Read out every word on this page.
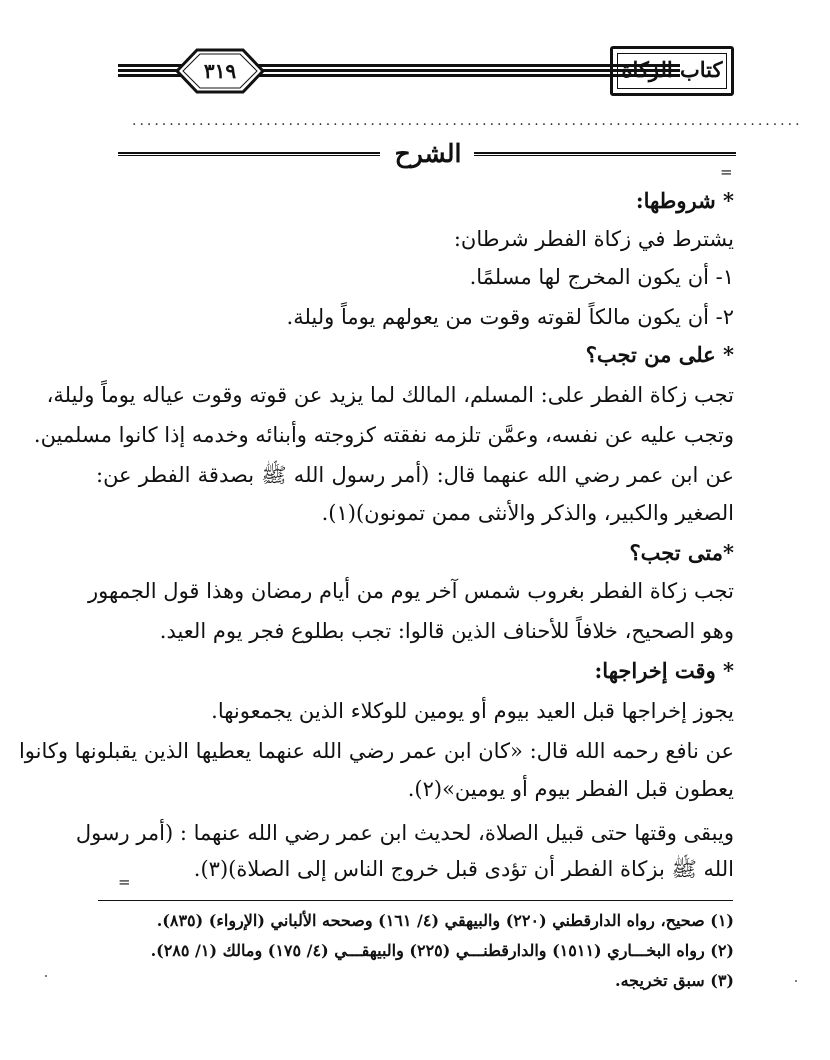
٣١٩	كتاب الزكاة
..........................................................................................
الشرح
=
* شروطها:
يشترط في زكاة الفطر شرطان:
١- أن يكون المخرج لها مسلمًا.
٢- أن يكون مالكاً لقوته وقوت من يعولهم يوماً وليلة.
* على من تجب؟
تجب زكاة الفطر على: المسلم، المالك لما يزيد عن قوته وقوت عياله يوماً وليلة،
وتجب عليه عن نفسه، وعمَّن تلزمه نفقته كزوجته وأبنائه وخدمه إذا كانوا مسلمين.
عن ابن عمر رضي الله عنهما قال: (أمر رسول الله ﷺ بصدقة الفطر عن:
الصغير والكبير، والذكر والأنثى ممن تمونون)(١).
*متى تجب؟
تجب زكاة الفطر بغروب شمس آخر يوم من أيام رمضان وهذا قول الجمهور
وهو الصحيح، خلافاً للأحناف الذين قالوا: تجب بطلوع فجر يوم العيد.
* وقت إخراجها:
يجوز إخراجها قبل العيد بيوم أو يومين للوكلاء الذين يجمعونها.
عن نافع رحمه الله قال: «كان ابن عمر رضي الله عنهما يعطيها الذين يقبلونها وكانوا
يعطون قبل الفطر بيوم أو يومين»(٢).
ويبقى وقتها حتى قبيل الصلاة، لحديث ابن عمر رضي الله عنهما : (أمر رسول
الله ﷺ بزكاة الفطر أن تؤدى قبل خروج الناس إلى الصلاة)(٣).
=
(١) صحيح، رواه الدارقطني (٢٢٠) والبيهقي (٤/ ١٦١) وصححه الألباني (الإرواء) (٨٣٥).
(٢) رواه البخـــاري (١٥١١) والدارقطنـــي (٢٢٥) والبيهقـــي (٤/ ١٧٥) ومالك (١/ ٢٨٥).
(٣) سبق تخريجه.
